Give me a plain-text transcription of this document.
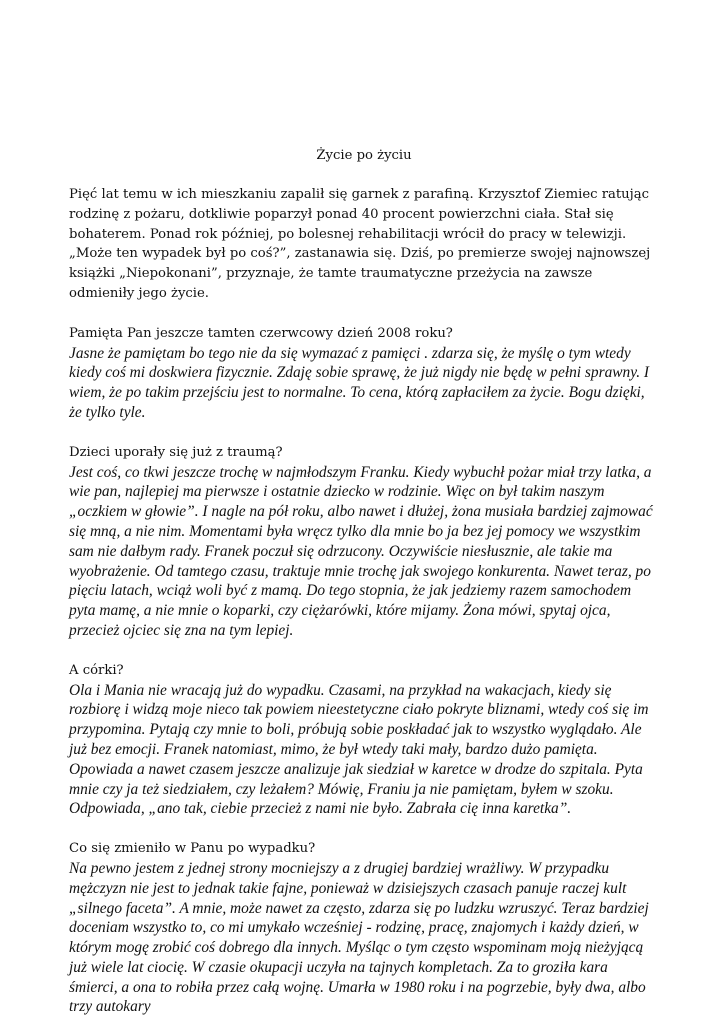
Życie po życiu

Pięć lat temu w ich mieszkaniu zapalił się garnek z parafiną. Krzysztof Ziemiec ratując rodzinę z pożaru, dotkliwie poparzył ponad 40 procent powierzchni ciała. Stał się bohaterem. Ponad rok później, po bolesnej rehabilitacji wrócił do pracy w telewizji. „Może ten wypadek był po coś?”, zastanawia się. Dziś, po premierze swojej najnowszej książki „Niepokonani”, przyznaje, że tamte traumatyczne przeżycia na zawsze odmieniły jego życie.

Pamięta Pan jeszcze tamten czerwcowy dzień 2008 roku?

Jasne że pamiętam bo tego nie da się wymazać z pamięci . zdarza się, że myślę o tym wtedy kiedy coś mi doskwiera fizycznie. Zdaję sobie sprawę, że już nigdy nie będę w pełni sprawny. I wiem, że po takim przejściu jest to normalne. To cena, którą zapłaciłem za życie. Bogu dzięki, że tylko tyle.

Dzieci uporały się już z traumą?

Jest coś, co tkwi jeszcze trochę w najmłodszym Franku. Kiedy wybuchł pożar miał trzy latka, a wie pan, najlepiej ma pierwsze i ostatnie dziecko w rodzinie. Więc on był takim naszym „oczkiem w głowie”. I nagle na pół roku, albo nawet i dłużej, żona musiała bardziej zajmować się mną, a nie nim. Momentami była wręcz tylko dla mnie bo ja bez jej pomocy we wszystkim sam nie dałbym rady. Franek poczuł się odrzucony. Oczywiście niesłusznie, ale takie ma wyobrażenie. Od tamtego czasu, traktuje mnie trochę jak swojego konkurenta. Nawet teraz, po pięciu latach, wciąż woli być z mamą. Do tego stopnia, że jak jedziemy razem samochodem pyta mamę, a nie mnie o koparki, czy ciężarówki, które mijamy. Żona mówi, spytaj ojca, przecież ojciec się zna na tym lepiej.

A córki?

Ola i Mania nie wracają już do wypadku. Czasami, na przykład na wakacjach, kiedy się rozbiorę i widzą moje nieco tak powiem nieestetyczne ciało pokryte bliznami, wtedy coś się im przypomina. Pytają czy mnie to boli, próbują sobie poskładać jak to wszystko wyglądało. Ale już bez emocji. Franek natomiast, mimo, że był wtedy taki mały, bardzo dużo pamięta. Opowiada a nawet czasem jeszcze analizuje jak siedział w karetce w drodze do szpitala. Pyta mnie czy ja też siedziałem, czy leżałem? Mówię, Franiu ja nie pamiętam, byłem w szoku. Odpowiada, „ano tak, ciebie przecież z nami nie było. Zabrała cię inna karetka”.

Co się zmieniło w Panu po wypadku?

Na pewno jestem z jednej strony mocniejszy a z drugiej bardziej wrażliwy. W przypadku mężczyzn nie jest to jednak takie fajne, ponieważ w dzisiejszych czasach panuje raczej kult „silnego faceta”. A mnie, może nawet za często, zdarza się po ludzku wzruszyć. Teraz bardziej doceniam wszystko to, co mi umykało wcześniej - rodzinę, pracę, znajomych i każdy dzień, w którym mogę zrobić coś dobrego dla innych. Myśląc o tym często wspominam moją nieżyjącą już wiele lat ciocię. W czasie okupacji uczyła na tajnych kompletach. Za to groziła kara śmierci, a ona to robiła przez całą wojnę. Umarła w 1980 roku i na pogrzebie, były dwa, albo trzy autokary
